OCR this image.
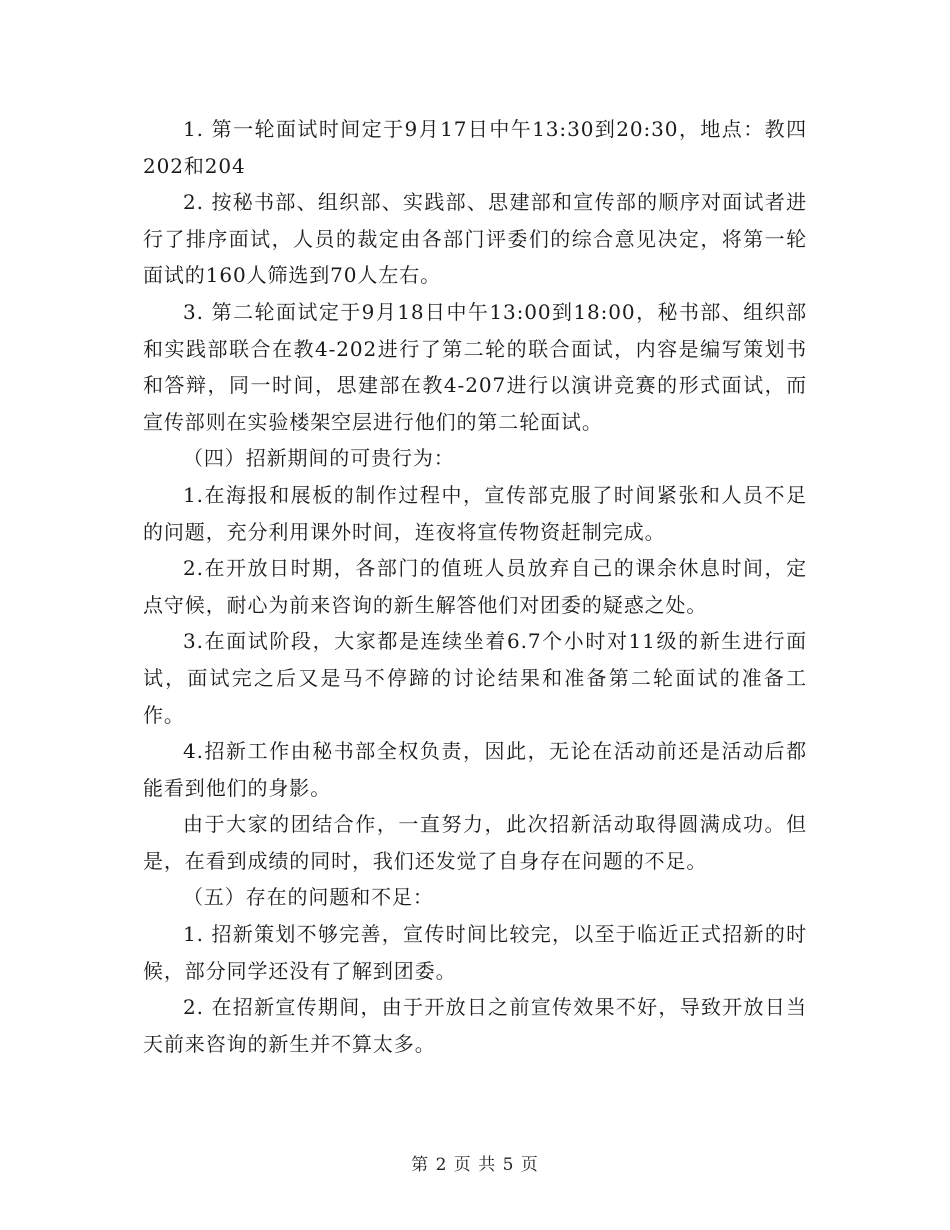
1. 第一轮面试时间定于9月17日中午13:30到20:30，地点：教四202和204

2. 按秘书部、组织部、实践部、思建部和宣传部的顺序对面试者进行了排序面试，人员的裁定由各部门评委们的综合意见决定，将第一轮面试的160人筛选到70人左右。

3. 第二轮面试定于9月18日中午13:00到18:00，秘书部、组织部和实践部联合在教4-202进行了第二轮的联合面试，内容是编写策划书和答辩，同一时间，思建部在教4-207进行以演讲竞赛的形式面试，而宣传部则在实验楼架空层进行他们的第二轮面试。

（四）招新期间的可贵行为：

1.在海报和展板的制作过程中，宣传部克服了时间紧张和人员不足的问题，充分利用课外时间，连夜将宣传物资赶制完成。

2.在开放日时期，各部门的值班人员放弃自己的课余休息时间，定点守候，耐心为前来咨询的新生解答他们对团委的疑惑之处。

3.在面试阶段，大家都是连续坐着6.7个小时对11级的新生进行面试，面试完之后又是马不停蹄的讨论结果和准备第二轮面试的准备工作。

4.招新工作由秘书部全权负责，因此，无论在活动前还是活动后都能看到他们的身影。

由于大家的团结合作，一直努力，此次招新活动取得圆满成功。但是，在看到成绩的同时，我们还发觉了自身存在问题的不足。

（五）存在的问题和不足：

1. 招新策划不够完善，宣传时间比较完，以至于临近正式招新的时候，部分同学还没有了解到团委。

2. 在招新宣传期间，由于开放日之前宣传效果不好，导致开放日当天前来咨询的新生并不算太多。

第 2 页 共 5 页
